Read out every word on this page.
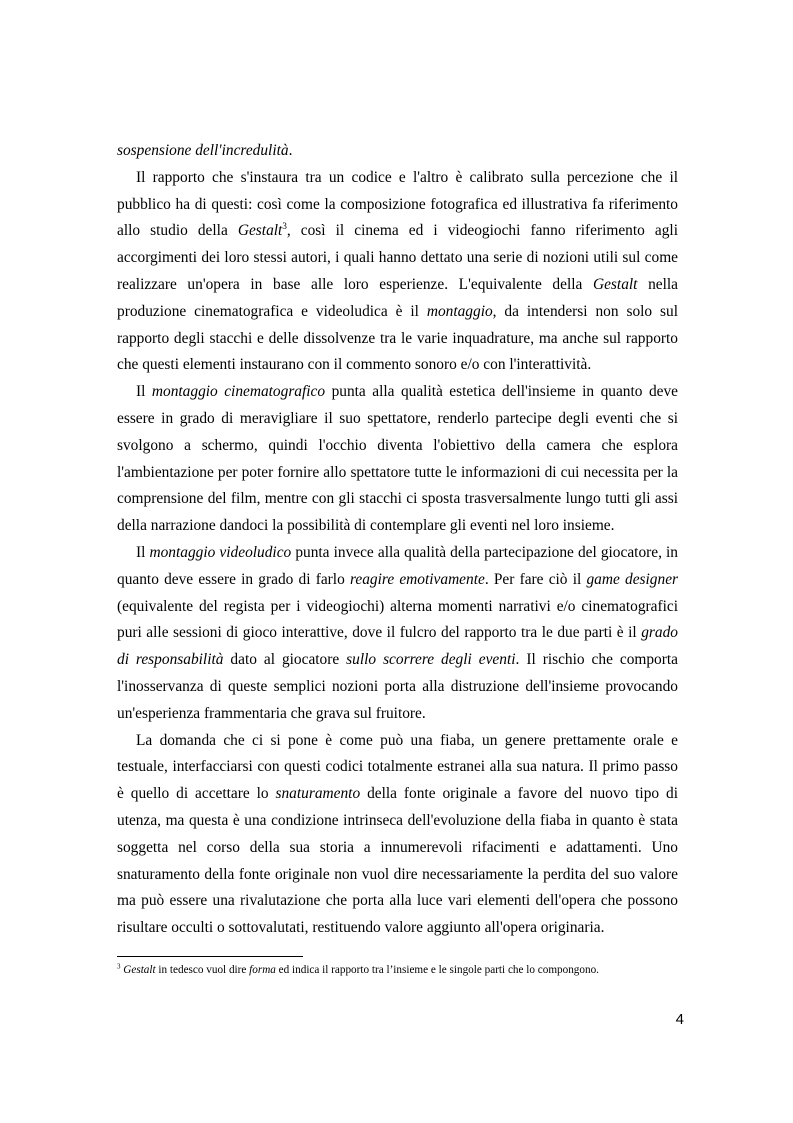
sospensione dell'incredulità.

Il rapporto che s'instaura tra un codice e l'altro è calibrato sulla percezione che il pubblico ha di questi: così come la composizione fotografica ed illustrativa fa riferimento allo studio della Gestalt$^3$, così il cinema ed i videogiochi fanno riferimento agli accorgimenti dei loro stessi autori, i quali hanno dettato una serie di nozioni utili sul come realizzare un'opera in base alle loro esperienze. L'equivalente della Gestalt nella produzione cinematografica e videoludica è il montaggio, da intendersi non solo sul rapporto degli stacchi e delle dissolvenze tra le varie inquadrature, ma anche sul rapporto che questi elementi instaurano con il commento sonoro e/o con l'interattività.

Il montaggio cinematografico punta alla qualità estetica dell'insieme in quanto deve essere in grado di meravigliare il suo spettatore, renderlo partecipe degli eventi che si svolgono a schermo, quindi l'occhio diventa l'obiettivo della camera che esplora l'ambientazione per poter fornire allo spettatore tutte le informazioni di cui necessita per la comprensione del film, mentre con gli stacchi ci sposta trasversalmente lungo tutti gli assi della narrazione dandoci la possibilità di contemplare gli eventi nel loro insieme.

Il montaggio videoludico punta invece alla qualità della partecipazione del giocatore, in quanto deve essere in grado di farlo reagire emotivamente. Per fare ciò il game designer (equivalente del regista per i videogiochi) alterna momenti narrativi e/o cinematografici puri alle sessioni di gioco interattive, dove il fulcro del rapporto tra le due parti è il grado di responsabilità dato al giocatore sullo scorrere degli eventi. Il rischio che comporta l'inosservanza di queste semplici nozioni porta alla distruzione dell'insieme provocando un'esperienza frammentaria che grava sul fruitore.

La domanda che ci si pone è come può una fiaba, un genere prettamente orale e testuale, interfacciarsi con questi codici totalmente estranei alla sua natura. Il primo passo è quello di accettare lo snaturamento della fonte originale a favore del nuovo tipo di utenza, ma questa è una condizione intrinseca dell'evoluzione della fiaba in quanto è stata soggetta nel corso della sua storia a innumerevoli rifacimenti e adattamenti. Uno snaturamento della fonte originale non vuol dire necessariamente la perdita del suo valore ma può essere una rivalutazione che porta alla luce vari elementi dell'opera che possono risultare occulti o sottovalutati, restituendo valore aggiunto all'opera originaria.

$^3$ Gestalt in tedesco vuol dire forma ed indica il rapporto tra l’insieme e le singole parti che lo compongono.

4
